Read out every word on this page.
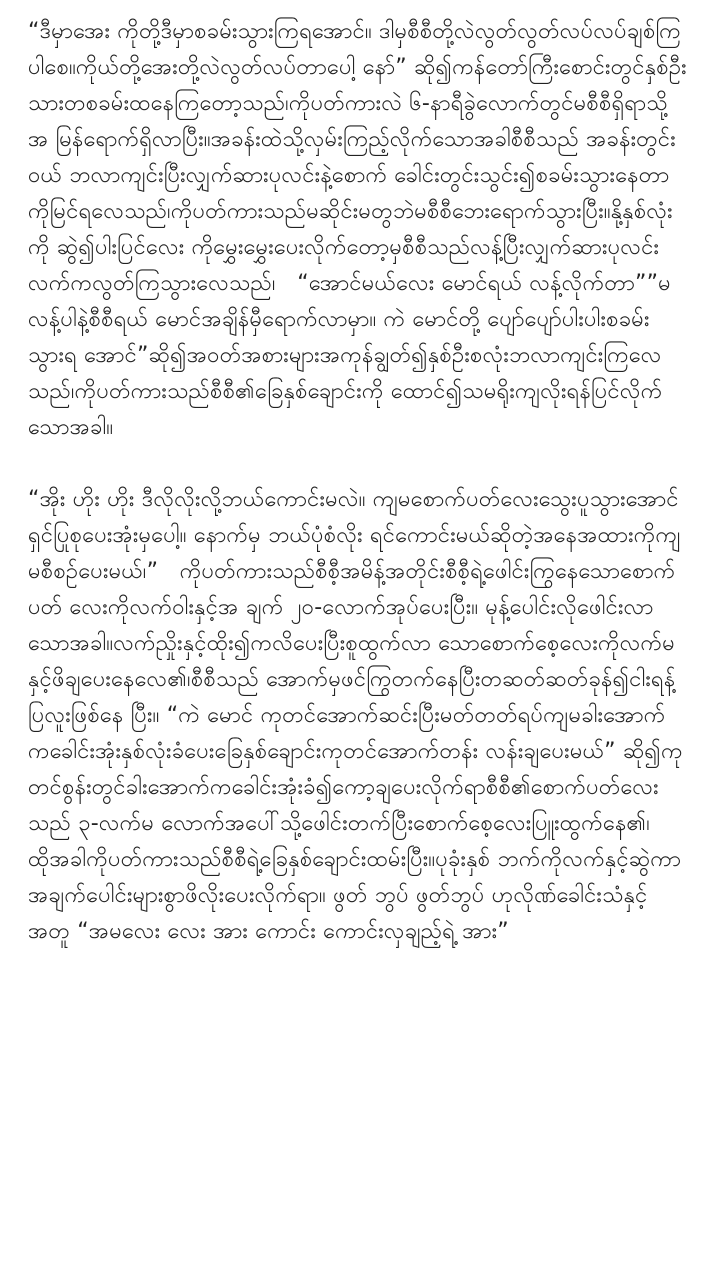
“ဒီမှာအေး ကိုတို့ဒီမှာစခမ်းသွားကြရအောင်။ ဒါမှစီစီတို့လဲလွတ်လွတ်လပ်လပ်ချစ်ကြပါစေ။ကိုယ်တို့အေးတို့လဲလွတ်လပ်တာပေါ့ နော်” ဆို၍ကန်တော်ကြီးစောင်းတွင်နှစ်ဦးသားတစခမ်းထနေကြတော့သည်၊ကိုပတ်ကားလဲ ၆-နာရီခွဲလောက်တွင်မစီစီရှိရာသို့အ မြန်ရောက်ရှိလာပြီး။အခန်းထဲသို့လှမ်းကြည့်လိုက်သောအခါစီစီသည် အခန်းတွင်းဝယ် ဘလာကျင်းပြီးလျှက်ဆားပုလင်းနဲ့စောက် ခေါင်းတွင်းသွင်း၍စခမ်းသွားနေတာကိုမြင်ရလေသည်၊ကိုပတ်ကားသည်မဆိုင်းမတွဘဲမစီစီဘေးရောက်သွားပြီး။နို့နှစ်လုံးကို ဆွဲ၍ပါးပြင်လေး ကိုမွှေးမွှေးပေးလိုက်တော့မှစီစီသည်လန့်ပြီးလျှက်ဆားပုလင်းလက်ကလွတ်ကြသွားလေသည်၊   “အောင်မယ်လေး မောင်ရယ် လန့်လိုက်တာ””မလန့်ပါနဲ့စီစီရယ် မောင်အချိန်မှီရောက်လာမှာ။ ကဲ မောင်တို့ ပျော်ပျော်ပါးပါးစခမ်း သွားရ အောင်”ဆို၍အဝတ်အစားများအကုန်ချွတ်၍နှစ်ဦးစလုံးဘလာကျင်းကြလေသည်၊ကိုပတ်ကားသည်စီစီ၏ခြေနှစ်ချောင်းကို ထောင်၍သမရိုးကျလိုးရန်ပြင်လိုက်သောအခါ။

“အိုး ဟိုး ဟိုး ဒီလိုလိုးလို့ဘယ်ကောင်းမလဲ။ ကျမစောက်ပတ်လေးသွေးပူသွားအောင်ရှင်ပြုစုပေးအုံးမှပေါ့။ နောက်မှ ဘယ်ပုံစံလိုး ရင်ကောင်းမယ်ဆိုတဲ့အနေအထားကိုကျမစီစဉ်ပေးမယ်၊”   ကိုပတ်ကားသည်စီစီ့အမိန့်အတိုင်းစီစီ့ရဲ့ဖေါင်းကြွနေသောစောက်ပတ် လေးကိုလက်ဝါးနှင့်အ ချက် ၂၀-လောက်အုပ်ပေးပြီး။ မုန့်ပေါင်းလိုဖေါင်းလာသောအခါ။လက်ညှိုးနှင့်ထိုး၍ကလိပေးပြီးစူထွက်လာ သောစောက်စေ့လေးကိုလက်မနှင့်ဖိချပေးနေလေ၏၊စီစီသည် အောက်မှဖင်ကြွတက်နေပြီးတဆတ်ဆတ်ခုန်၍ငါးရန့်ပြလူးဖြစ်နေ ပြီး။ “ကဲ မောင် ကုတင်အောက်ဆင်းပြီးမတ်တတ်ရပ်ကျမခါးအောက်ကခေါင်းအုံးနှစ်လုံးခံပေးခြေနှစ်ချောင်းကုတင်အောက်တန်း လန်းချပေးမယ်” ဆို၍ကုတင်စွန်းတွင်ခါးအောက်ကခေါင်းအုံးခံ၍ကော့ချပေးလိုက်ရာစီစီ၏စောက်ပတ်လေးသည် ၃-လက်မ လောက်အပေါ်သို့ဖေါင်းတက်ပြီးစောက်စေ့လေးပြူးထွက်နေ၏၊ထိုအခါကိုပတ်ကားသည်စီစီရဲ့ခြေနှစ်ချောင်းထမ်းပြီး။ပုခုံးနှစ် ဘက်ကိုလက်နှင့်ဆွဲကာအချက်ပေါင်းများစွာဖိလိုးပေးလိုက်ရာ။ ဖွတ် ဘွပ် ဖွတ်ဘွပ် ဟုလိုဏ်ခေါင်းသံနှင့်အတူ “အမလေး လေး အား ကောင်း ကောင်းလှချည့်ရဲ့ အား”
